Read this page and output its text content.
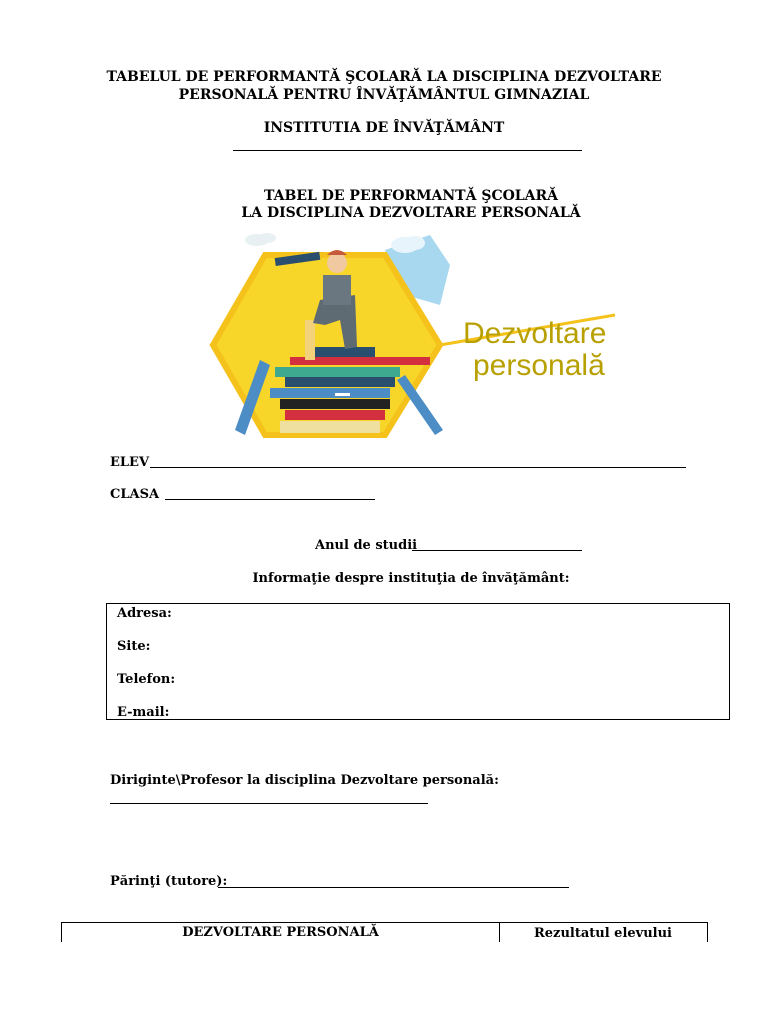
TABELUL DE PERFORMANTĂ ŞCOLARĂ LA DISCIPLINA DEZVOLTARE
PERSONALĂ PENTRU ÎNVĂŢĂMÂNTUL GIMNAZIAL
INSTITUTIA DE ÎNVĂŢĂMÂNT
TABEL DE PERFORMANTĂ ŞCOLARĂ
LA DISCIPLINA DEZVOLTARE PERSONALĂ
Dezvoltare
personală
ELEV
CLASA
Anul de studii
Informaţie despre instituţia de învăţământ:
Adresa:
Site:
Telefon:
E-mail:
Diriginte\Profesor la disciplina Dezvoltare personală:
Părinţi (tutore):
DEZVOLTARE PERSONALĂ	Rezultatul elevului
